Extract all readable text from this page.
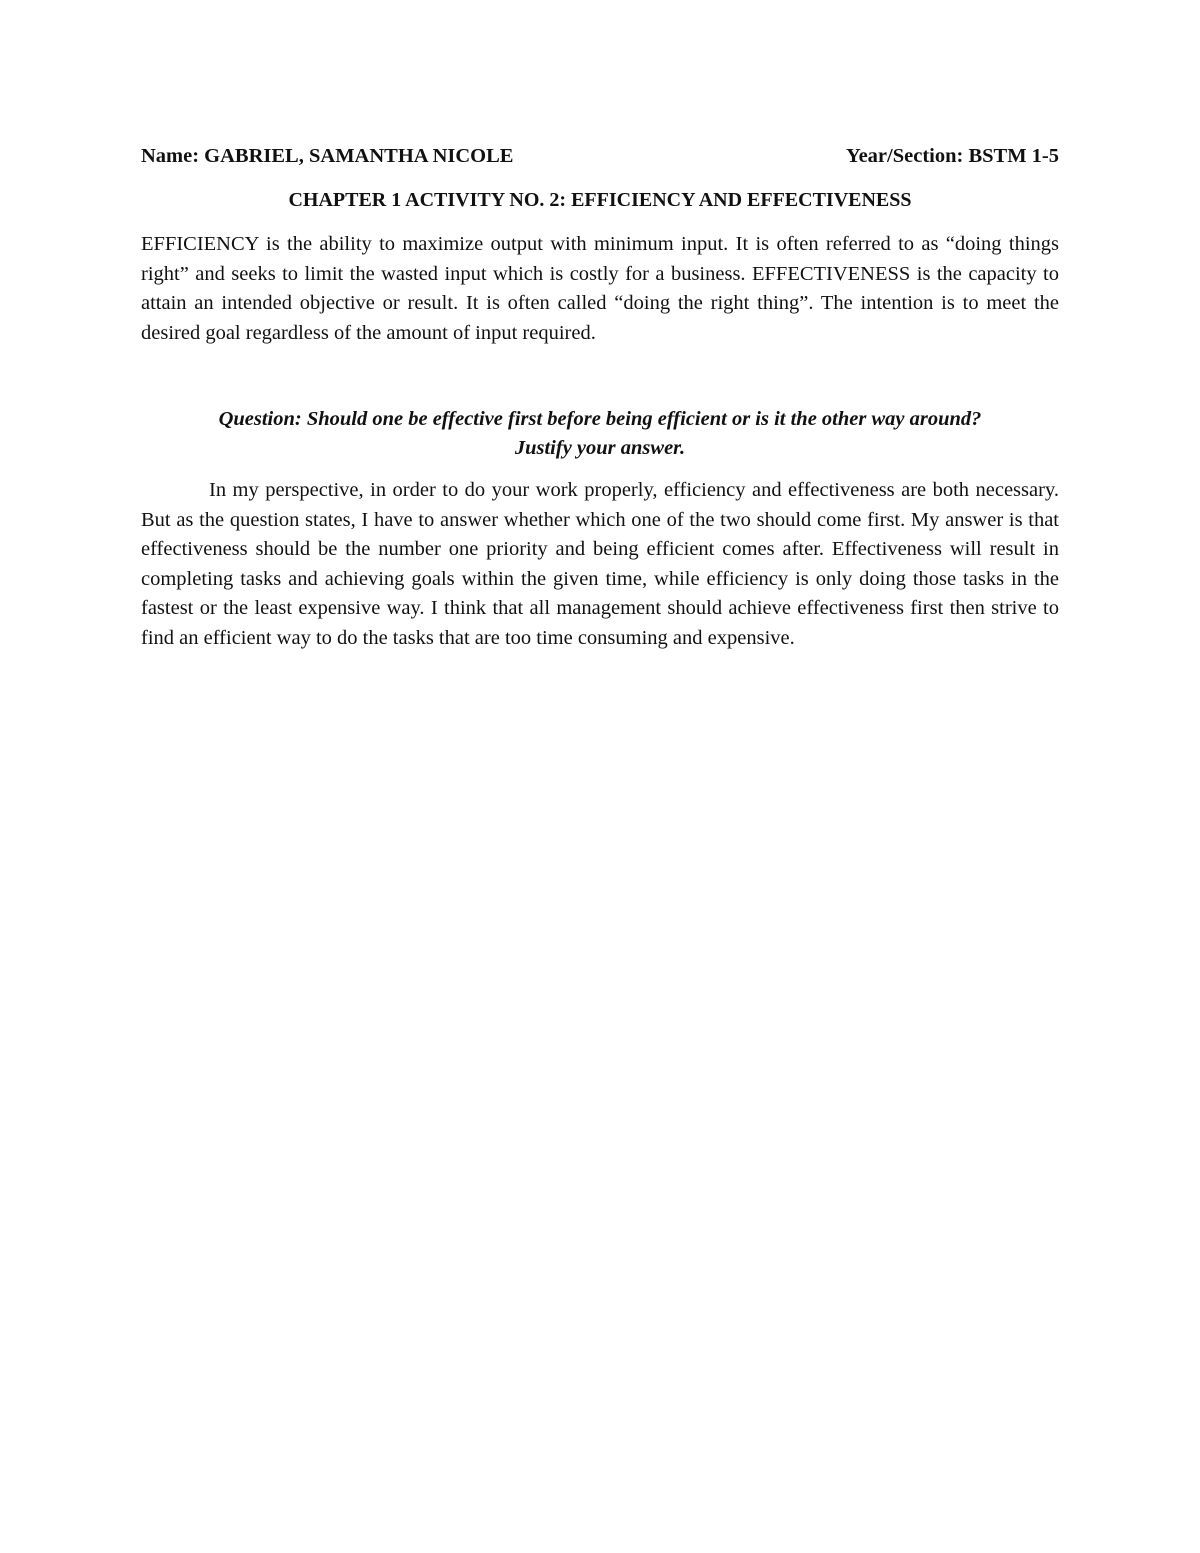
Name: GABRIEL, SAMANTHA NICOLE	Year/Section: BSTM 1-5
CHAPTER 1 ACTIVITY NO. 2: EFFICIENCY AND EFFECTIVENESS

EFFICIENCY is the ability to maximize output with minimum input. It is often referred to as “doing things right” and seeks to limit the wasted input which is costly for a business. EFFECTIVENESS is the capacity to attain an intended objective or result. It is often called “doing the right thing”. The intention is to meet the desired goal regardless of the amount of input required.

Question: Should one be effective first before being efficient or is it the other way around?
Justify your answer.

In my perspective, in order to do your work properly, efficiency and effectiveness are both necessary. But as the question states, I have to answer whether which one of the two should come first. My answer is that effectiveness should be the number one priority and being efficient comes after. Effectiveness will result in completing tasks and achieving goals within the given time, while efficiency is only doing those tasks in the fastest or the least expensive way. I think that all management should achieve effectiveness first then strive to find an efficient way to do the tasks that are too time consuming and expensive.
